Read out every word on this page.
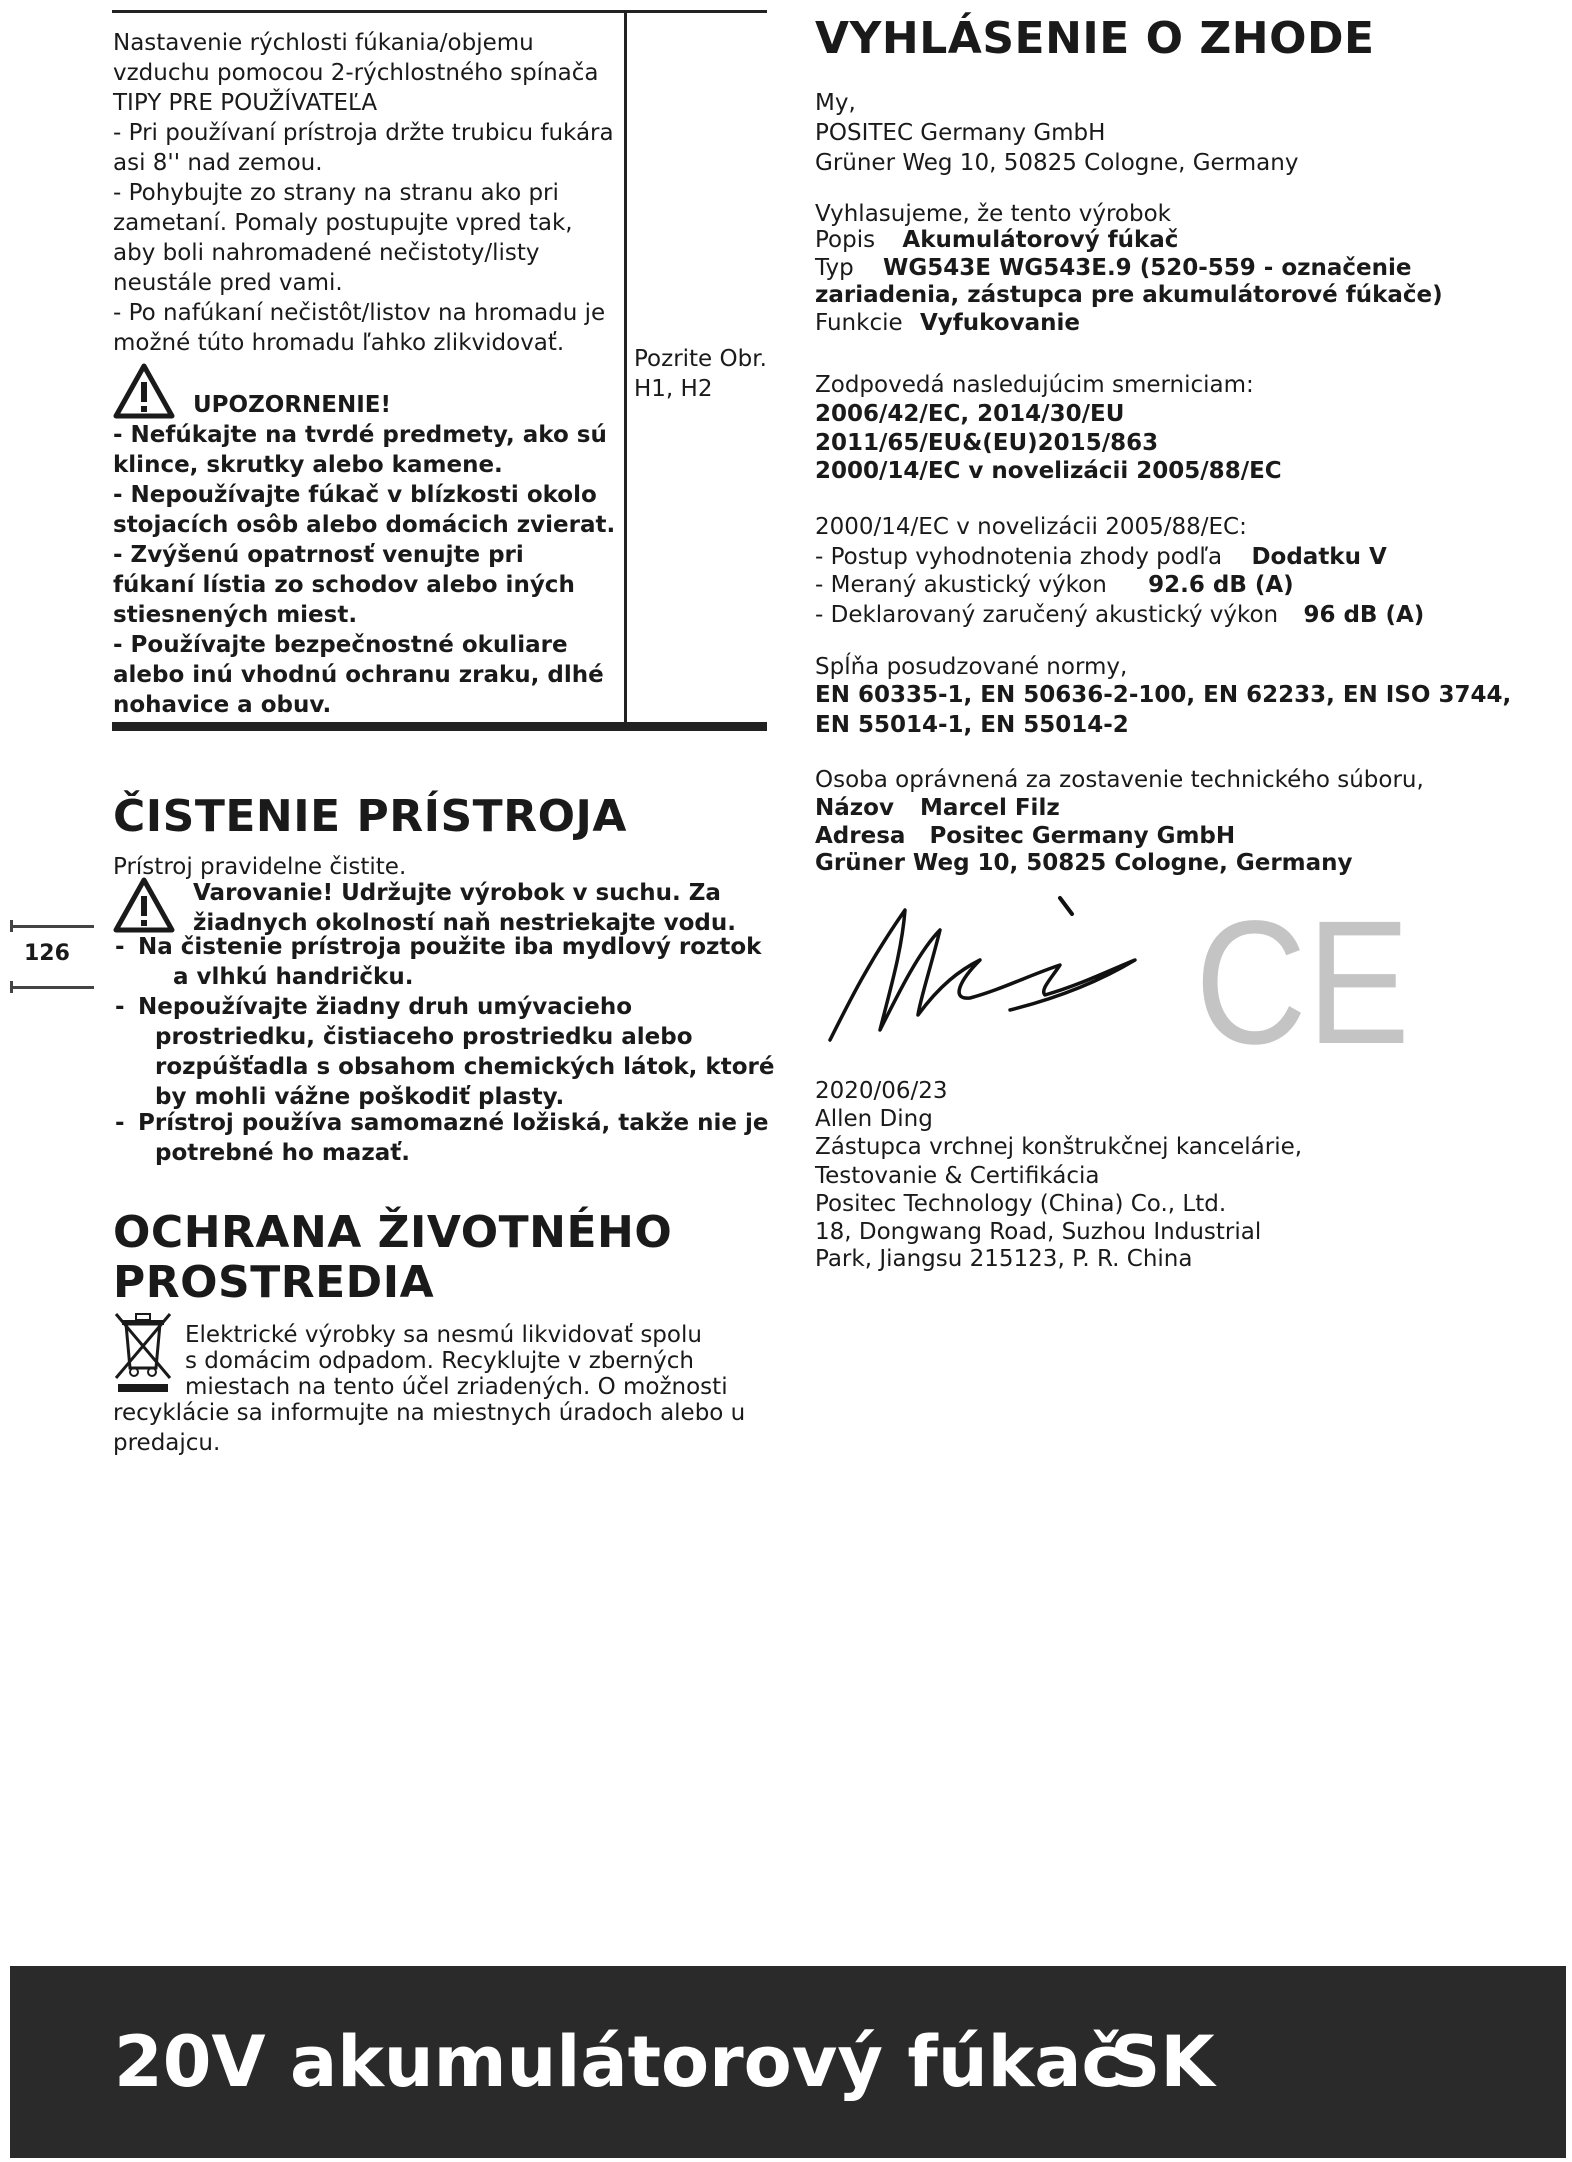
Nastavenie rýchlosti fúkania/objemu
vzduchu pomocou 2-rýchlostného spínača
TIPY PRE POUŽÍVATEĽA
- Pri používaní prístroja držte trubicu fukára
asi 8'' nad zemou.
- Pohybujte zo strany na stranu ako pri
zametaní. Pomaly postupujte vpred tak,
aby boli nahromadené nečistoty/listy
neustále pred vami.
- Po nafúkaní nečistôt/listov na hromadu je
možné túto hromadu ľahko zlikvidovať.
UPOZORNENIE!
- Nefúkajte na tvrdé predmety, ako sú
klince, skrutky alebo kamene.
- Nepoužívajte fúkač v blízkosti okolo
stojacích osôb alebo domácich zvierat.
- Zvýšenú opatrnosť venujte pri
fúkaní lístia zo schodov alebo iných
stiesnených miest.
- Používajte bezpečnostné okuliare
alebo inú vhodnú ochranu zraku, dlhé
nohavice a obuv.
Pozrite Obr.
H1, H2
ČISTENIE PRÍSTROJA
Prístroj pravidelne čistite.
Varovanie! Udržujte výrobok v suchu. Za
žiadnych okolností naň nestriekajte vodu.
- Na čistenie prístroja použite iba mydlový roztok
a vlhkú handričku.
- Nepoužívajte žiadny druh umývacieho
prostriedku, čistiaceho prostriedku alebo
rozpúšťadla s obsahom chemických látok, ktoré
by mohli vážne poškodiť plasty.
- Prístroj používa samomazné ložiská, takže nie je
potrebné ho mazať.
126
OCHRANA ŽIVOTNÉHO
PROSTREDIA
Elektrické výrobky sa nesmú likvidovať spolu
s domácim odpadom. Recyklujte v zberných
miestach na tento účel zriadených. O možnosti
recyklácie sa informujte na miestnych úradoch alebo u
predajcu.
VYHLÁSENIE O ZHODE
My,
POSITEC Germany GmbH
Grüner Weg 10, 50825 Cologne, Germany
Vyhlasujeme, že tento výrobok
Popis Akumulátorový fúkač
Typ WG543E WG543E.9 (520-559 - označenie
zariadenia, zástupca pre akumulátorové fúkače)
Funkcie Vyfukovanie
Zodpovedá nasledujúcim smerniciam:
2006/42/EC, 2014/30/EU
2011/65/EU&(EU)2015/863
2000/14/EC v novelizácii 2005/88/EC
2000/14/EC v novelizácii 2005/88/EC:
- Postup vyhodnotenia zhody podľa Dodatku V
- Meraný akustický výkon 92.6 dB (A)
- Deklarovaný zaručený akustický výkon 96 dB (A)
Spĺňa posudzované normy,
EN 60335-1, EN 50636-2-100, EN 62233, EN ISO 3744,
EN 55014-1, EN 55014-2
Osoba oprávnená za zostavenie technického súboru,
Názov Marcel Filz
Adresa Positec Germany GmbH
Grüner Weg 10, 50825 Cologne, Germany
CE
2020/06/23
Allen Ding
Zástupca vrchnej konštrukčnej kancelárie,
Testovanie & Certifikácia
Positec Technology (China) Co., Ltd.
18, Dongwang Road, Suzhou Industrial
Park, Jiangsu 215123, P. R. China
20V akumulátorový fúkač
SK
